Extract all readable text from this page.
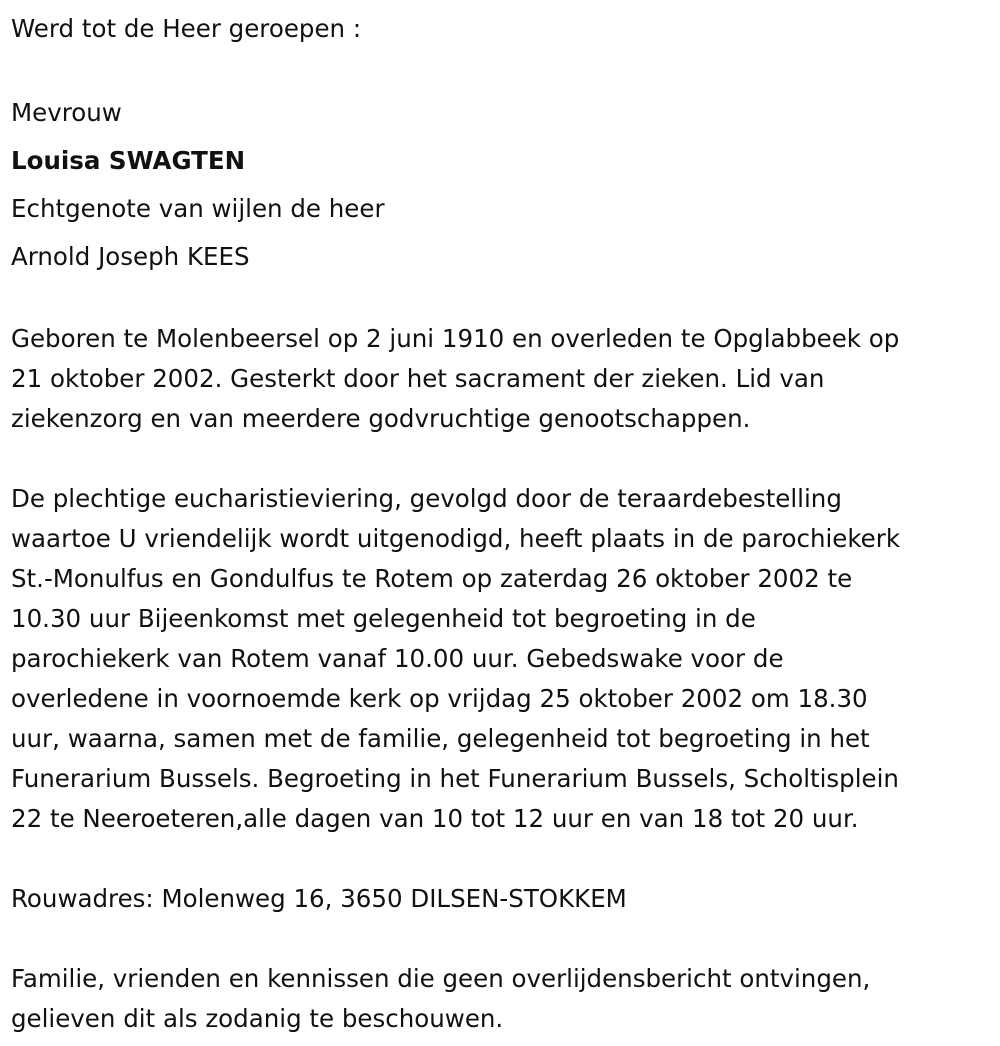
Werd tot de Heer geroepen :
Mevrouw
Louisa SWAGTEN
Echtgenote van wijlen de heer
Arnold Joseph KEES
Geboren te Molenbeersel op 2 juni 1910 en overleden te Opglabbeek op
21 oktober 2002. Gesterkt door het sacrament der zieken. Lid van
ziekenzorg en van meerdere godvruchtige genootschappen.
De plechtige eucharistieviering, gevolgd door de teraardebestelling
waartoe U vriendelijk wordt uitgenodigd, heeft plaats in de parochiekerk
St.-Monulfus en Gondulfus te Rotem op zaterdag 26 oktober 2002 te
10.30 uur Bijeenkomst met gelegenheid tot begroeting in de
parochiekerk van Rotem vanaf 10.00 uur. Gebedswake voor de
overledene in voornoemde kerk op vrijdag 25 oktober 2002 om 18.30
uur, waarna, samen met de familie, gelegenheid tot begroeting in het
Funerarium Bussels. Begroeting in het Funerarium Bussels, Scholtisplein
22 te Neeroeteren,alle dagen van 10 tot 12 uur en van 18 tot 20 uur.
Rouwadres: Molenweg 16, 3650 DILSEN-STOKKEM
Familie, vrienden en kennissen die geen overlijdensbericht ontvingen,
gelieven dit als zodanig te beschouwen.
